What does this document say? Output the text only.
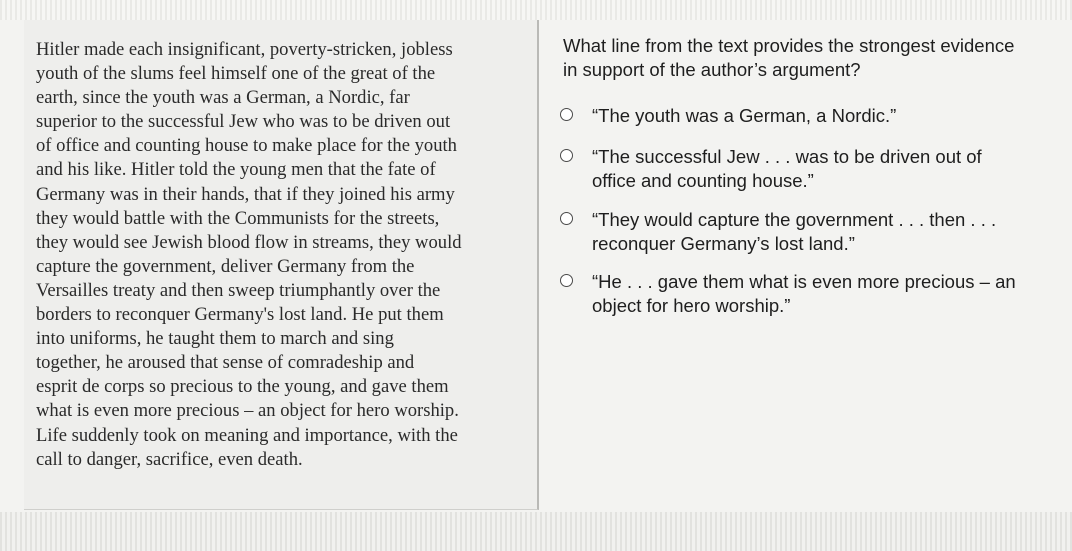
Hitler made each insignificant, poverty-stricken, jobless
youth of the slums feel himself one of the great of the
earth, since the youth was a German, a Nordic, far
superior to the successful Jew who was to be driven out
of office and counting house to make place for the youth
and his like. Hitler told the young men that the fate of
Germany was in their hands, that if they joined his army
they would battle with the Communists for the streets,
they would see Jewish blood flow in streams, they would
capture the government, deliver Germany from the
Versailles treaty and then sweep triumphantly over the
borders to reconquer Germany's lost land. He put them
into uniforms, he taught them to march and sing
together, he aroused that sense of comradeship and
esprit de corps so precious to the young, and gave them
what is even more precious – an object for hero worship.
Life suddenly took on meaning and importance, with the
call to danger, sacrifice, even death.

What line from the text provides the strongest evidence
in support of the author’s argument?

“The youth was a German, a Nordic.”

“The successful Jew . . . was to be driven out of
office and counting house.”

“They would capture the government . . . then . . .
reconquer Germany’s lost land.”

“He . . . gave them what is even more precious – an
object for hero worship.”
